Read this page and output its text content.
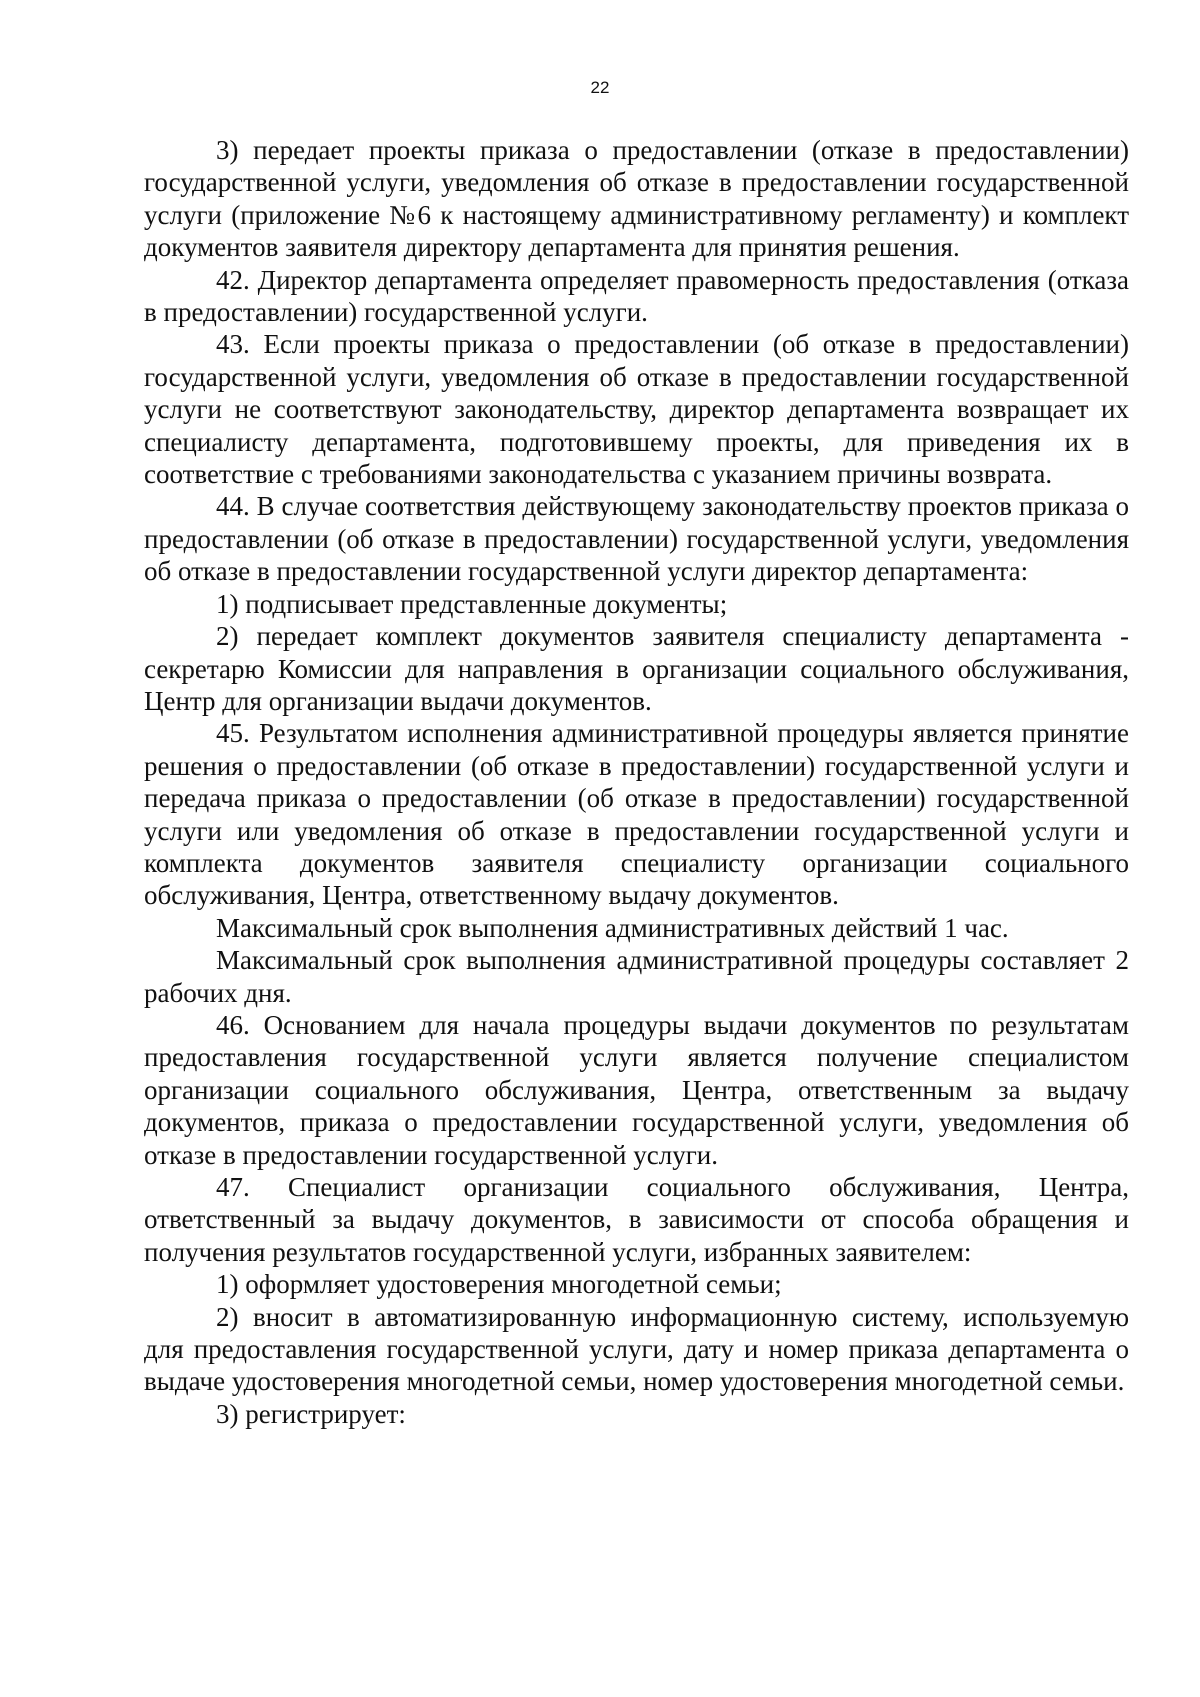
22

3) передает проекты приказа о предоставлении (отказе в предоставлении) государственной услуги, уведомления об отказе в предоставлении государственной услуги (приложение №6 к настоящему административному регламенту) и комплект документов заявителя директору департамента для принятия решения.

42. Директор департамента определяет правомерность предоставления (отказа в предоставлении) государственной услуги.

43. Если проекты приказа о предоставлении (об отказе в предоставлении) государственной услуги, уведомления об отказе в предоставлении государственной услуги не соответствуют законодательству, директор департамента возвращает их специалисту департамента, подготовившему проекты, для приведения их в соответствие с требованиями законодательства с указанием причины возврата.

44. В случае соответствия действующему законодательству проектов приказа о предоставлении (об отказе в предоставлении) государственной услуги, уведомления об отказе в предоставлении государственной услуги директор департамента:

1) подписывает представленные документы;

2) передает комплект документов заявителя специалисту департамента - секретарю Комиссии для направления в организации социального обслуживания, Центр для организации выдачи документов.

45. Результатом исполнения административной процедуры является принятие решения о предоставлении (об отказе в предоставлении) государственной услуги и передача приказа о предоставлении (об отказе в предоставлении) государственной услуги или уведомления об отказе в предоставлении государственной услуги и комплекта документов заявителя специалисту организации социального обслуживания, Центра, ответственному выдачу документов.

Максимальный срок выполнения административных действий 1 час.

Максимальный срок выполнения административной процедуры составляет 2 рабочих дня.

46. Основанием для начала процедуры выдачи документов по результатам предоставления государственной услуги является получение специалистом организации социального обслуживания, Центра, ответственным за выдачу документов, приказа о предоставлении государственной услуги, уведомления об отказе в предоставлении государственной услуги.

47. Специалист организации социального обслуживания, Центра, ответственный за выдачу документов, в зависимости от способа обращения и получения результатов государственной услуги, избранных заявителем:

1) оформляет удостоверения многодетной семьи;

2) вносит в автоматизированную информационную систему, используемую для предоставления государственной услуги, дату и номер приказа департамента о выдаче удостоверения многодетной семьи, номер удостоверения многодетной семьи.

3) регистрирует:
